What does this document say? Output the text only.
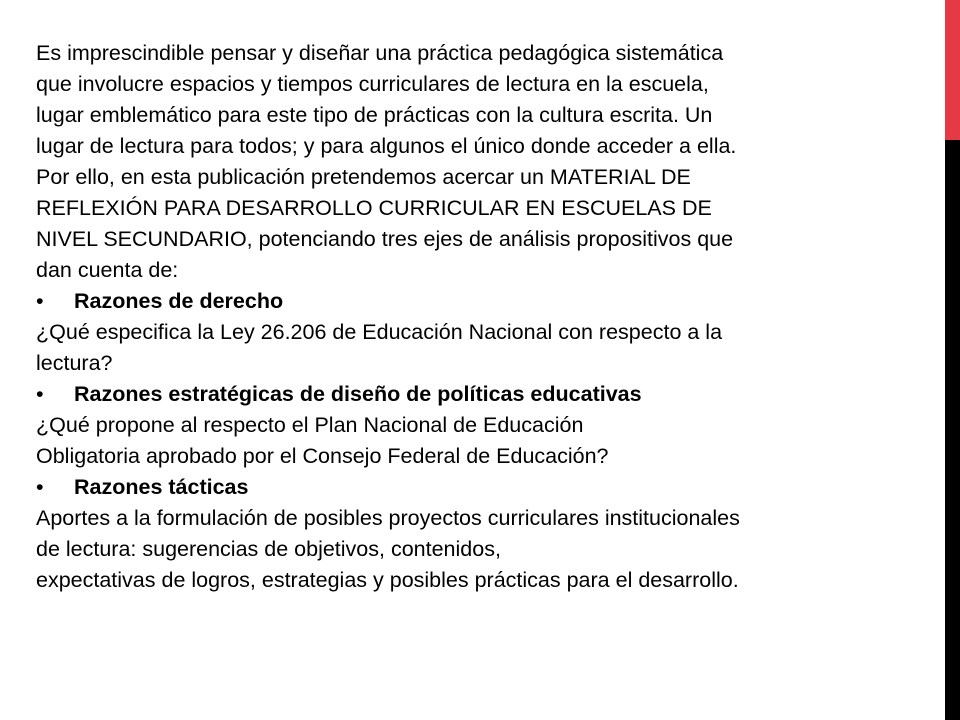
Es imprescindible pensar y diseñar una práctica pedagógica sistemática
que involucre espacios y tiempos curriculares de lectura en la escuela,
lugar emblemático para este tipo de prácticas con la cultura escrita. Un
lugar de lectura para todos; y para algunos el único donde acceder a ella.
Por ello, en esta publicación pretendemos acercar un MATERIAL DE
REFLEXIÓN PARA DESARROLLO CURRICULAR EN ESCUELAS DE
NIVEL SECUNDARIO, potenciando tres ejes de análisis propositivos que
dan cuenta de:
• Razones de derecho
¿Qué especifica la Ley 26.206 de Educación Nacional con respecto a la
lectura?
• Razones estratégicas de diseño de políticas educativas
¿Qué propone al respecto el Plan Nacional de Educación
Obligatoria aprobado por el Consejo Federal de Educación?
• Razones tácticas
Aportes a la formulación de posibles proyectos curriculares institucionales
de lectura: sugerencias de objetivos, contenidos,
expectativas de logros, estrategias y posibles prácticas para el desarrollo.
